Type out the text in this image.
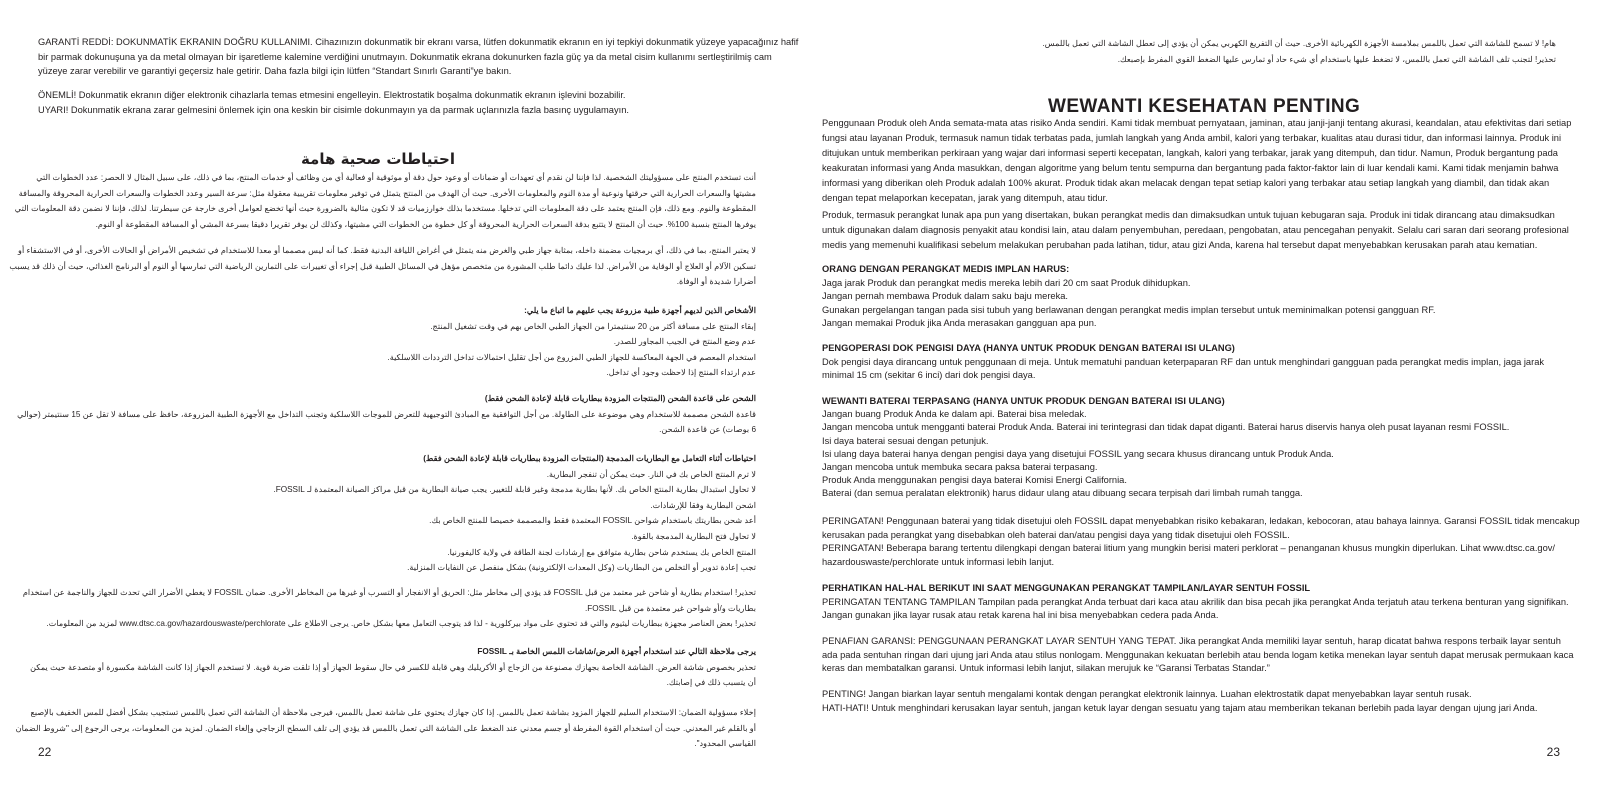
GARANTİ REDDİ: DOKUNMATİK EKRANIN DOĞRU KULLANIMI. Cihazınızın dokunmatik bir ekranı varsa, lütfen dokunmatik ekranın en iyi tepkiyi dokunmatik yüzeye yapacağınız hafif
bir parmak dokunuşuna ya da metal olmayan bir işaretleme kalemine verdiğini unutmayın. Dokunmatik ekrana dokunurken fazla güç ya da metal cisim kullanımı sertleştirilmiş cam
yüzeye zarar verebilir ve garantiyi geçersiz hale getirir. Daha fazla bilgi için lütfen “Standart Sınırlı Garanti”ye bakın.
ÖNEMLİ! Dokunmatik ekranın diğer elektronik cihazlarla temas etmesini engelleyin. Elektrostatik boşalma dokunmatik ekranın işlevini bozabilir.
UYARI! Dokunmatik ekrana zarar gelmesini önlemek için ona keskin bir cisimle dokunmayın ya da parmak uçlarınızla fazla basınç uygulamayın.
احتياطات صحية هامة
أنت تستخدم المنتج على مسؤوليتك الشخصية. لذا فإننا لن نقدم أي تعهدات أو ضمانات أو وعود حول دقة أو موثوقية أو فعالية أي من وظائف أو خدمات المنتج، بما في ذلك، على سبيل المثال لا الحصر: عدد الخطوات التي
مشيتها والسعرات الحرارية التي حرقتها ونوعية أو مدة النوم والمعلومات الأخرى. حيث أن الهدف من المنتج يتمثل في توفير معلومات تقريبية معقولة مثل: سرعة السير وعدد الخطوات والسعرات الحرارية المحروقة والمسافة
المقطوعة والنوم. ومع ذلك، فإن المنتج يعتمد على دقة المعلومات التي تدخلها. مستخدما بذلك خوارزميات قد لا تكون مثالية بالضرورة حيث أنها تخضع لعوامل أخرى خارجة عن سيطرتنا. لذلك، فإننا لا نضمن دقة المعلومات التي
يوفرها المنتج بنسبة 100%. حيث أن المنتج لا يتتبع بدقة السعرات الحرارية المحروقة أو كل خطوة من الخطوات التي مشيتها، وكذلك لن يوفر تقريرا دقيقا بسرعة المشي أو المسافة المقطوعة أو النوم.
لا يعتبر المنتج، بما في ذلك، أي برمجيات مضمنة داخله، بمثابة جهاز طبي والغرض منه يتمثل في أغراض اللياقة البدنية فقط. كما أنه ليس مصمما أو معدا للاستخدام في تشخيص الأمراض أو الحالات الأخرى، أو في الاستشفاء أو
تسكين الآلام أو العلاج أو الوقاية من الأمراض. لذا عليك دائما طلب المشورة من متخصص مؤهل في المسائل الطبية قبل إجراء أي تغييرات على التمارين الرياضية التي تمارسها أو النوم أو البرنامج الغذائي، حيث أن ذلك قد يسبب
أضرارا شديدة أو الوفاة.
الأشخاص الذين لديهم أجهزة طبية مزروعة يجب عليهم ما اتباع ما يلي:
إبقاء المنتج على مسافة أكثر من 20 سنتيمترا من الجهاز الطبي الخاص بهم في وقت تشغيل المنتج.
عدم وضع المنتج في الجيب المجاور للصدر.
استخدام المعصم في الجهة المعاكسة للجهاز الطبي المزروع من أجل تقليل احتمالات تداخل الترددات اللاسلكية.
عدم ارتداء المنتج إذا لاحظت وجود أي تداخل.
الشحن على قاعدة الشحن (المنتجات المزودة ببطاريات قابلة لإعادة الشحن فقط)
قاعدة الشحن مصممة للاستخدام وهي موضوعة على الطاولة. من أجل التوافقية مع المبادئ التوجيهية للتعرض للموجات اللاسلكية وتجنب التداخل مع الأجهزة الطبية المزروعة، حافظ على مسافة لا تقل عن 15 سنتيمتر (حوالي
6 بوصات) عن قاعدة الشحن.
احتياطات أثناء التعامل مع البطاريات المدمجة (المنتجات المزودة ببطاريات قابلة لإعادة الشحن فقط)
لا ترم المنتج الخاص بك في النار. حيث يمكن أن تنفجر البطارية.
لا تحاول استبدال بطارية المنتج الخاص بك. لأنها بطارية مدمجة وغير قابلة للتغيير. يجب صيانة البطارية من قبل مراكز الصيانة المعتمدة لـ FOSSIL.
اشحن البطارية وفقا للإرشادات.
أعد شحن بطاريتك باستخدام شواحن FOSSIL المعتمدة فقط والمصممة خصيصا للمنتج الخاص بك.
لا تحاول فتح البطارية المدمجة بالقوة.
المنتج الخاص بك يستخدم شاحن بطارية متوافق مع إرشادات لجنة الطاقة في ولاية كاليفورنيا.
تجب إعادة تدوير أو التخلص من البطاريات (وكل المعدات الإلكترونية) بشكل منفصل عن النفايات المنزلية.
تحذير! استخدام بطارية أو شاحن غير معتمد من قبل FOSSIL قد يؤدي إلى مخاطر مثل: الحريق أو الانفجار أو التسرب أو غيرها من المخاطر الأخرى. ضمان FOSSIL لا يغطي الأضرار التي تحدث للجهاز والناجمة عن استخدام
بطاريات و/أو شواحن غير معتمدة من قبل FOSSIL.
تحذير! بعض العناصر مجهزة ببطاريات ليثيوم والتي قد تحتوي على مواد بيركلورية - لذا قد يتوجب التعامل معها بشكل خاص. يرجى الاطلاع على www.dtsc.ca.gov/hazardouswaste/perchlorate لمزيد من المعلومات.
يرجى ملاحظة التالي عند استخدام أجهزة العرض/شاشات اللمس الخاصة بـ FOSSIL
تحذير بخصوص شاشة العرض. الشاشة الخاصة بجهازك مصنوعة من الزجاج أو الأكريليك وهي قابلة للكسر في حال سقوط الجهاز أو إذا تلقت ضربة قوية. لا تستخدم الجهاز إذا كانت الشاشة مكسورة أو متصدعة حيث يمكن
أن يتسبب ذلك في إصابتك.
إخلاء مسؤولية الضمان: الاستخدام السليم للجهاز المزود بشاشة تعمل باللمس. إذا كان جهازك يحتوي على شاشة تعمل باللمس، فيرجى ملاحظة أن الشاشة التي تعمل باللمس تستجيب بشكل أفضل للمس الخفيف بالإصبع
أو بالقلم غير المعدني. حيث أن استخدام القوة المفرطة أو جسم معدني عند الضغط على الشاشة التي تعمل باللمس قد يؤدي إلى تلف السطح الزجاجي وإلغاء الضمان. لمزيد من المعلومات، يرجى الرجوع إلى "شروط الضمان
القياسي المحدود".
22
هام! لا تسمح للشاشة التي تعمل باللمس بملامسة الأجهزة الكهربائية الأخرى. حيث أن التفريغ الكهربي يمكن أن يؤدي إلى تعطل الشاشة التي تعمل باللمس.
تحذير! لتجنب تلف الشاشة التي تعمل باللمس، لا تضغط عليها باستخدام أي شيء حاد أو تمارس عليها الضغط القوي المفرط بإصبعك.
WEWANTI KESEHATAN PENTING
Penggunaan Produk oleh Anda semata-mata atas risiko Anda sendiri. Kami tidak membuat pernyataan, jaminan, atau janji-janji tentang akurasi, keandalan, atau efektivitas dari setiap
fungsi atau layanan Produk, termasuk namun tidak terbatas pada, jumlah langkah yang Anda ambil, kalori yang terbakar, kualitas atau durasi tidur, dan informasi lainnya. Produk ini
ditujukan untuk memberikan perkiraan yang wajar dari informasi seperti kecepatan, langkah, kalori yang terbakar, jarak yang ditempuh, dan tidur. Namun, Produk bergantung pada
keakuratan informasi yang Anda masukkan, dengan algoritme yang belum tentu sempurna dan bergantung pada faktor-faktor lain di luar kendali kami. Kami tidak menjamin bahwa
informasi yang diberikan oleh Produk adalah 100% akurat. Produk tidak akan melacak dengan tepat setiap kalori yang terbakar atau setiap langkah yang diambil, dan tidak akan
dengan tepat melaporkan kecepatan, jarak yang ditempuh, atau tidur.
Produk, termasuk perangkat lunak apa pun yang disertakan, bukan perangkat medis dan dimaksudkan untuk tujuan kebugaran saja. Produk ini tidak dirancang atau dimaksudkan
untuk digunakan dalam diagnosis penyakit atau kondisi lain, atau dalam penyembuhan, peredaan, pengobatan, atau pencegahan penyakit. Selalu cari saran dari seorang profesional
medis yang memenuhi kualifikasi sebelum melakukan perubahan pada latihan, tidur, atau gizi Anda, karena hal tersebut dapat menyebabkan kerusakan parah atau kematian.
ORANG DENGAN PERANGKAT MEDIS IMPLAN HARUS:
Jaga jarak Produk dan perangkat medis mereka lebih dari 20 cm saat Produk dihidupkan.
Jangan pernah membawa Produk dalam saku baju mereka.
Gunakan pergelangan tangan pada sisi tubuh yang berlawanan dengan perangkat medis implan tersebut untuk meminimalkan potensi gangguan RF.
Jangan memakai Produk jika Anda merasakan gangguan apa pun.
PENGOPERASI DOK PENGISI DAYA (HANYA UNTUK PRODUK DENGAN BATERAI ISI ULANG)
Dok pengisi daya dirancang untuk penggunaan di meja. Untuk mematuhi panduan keterpaparan RF dan untuk menghindari gangguan pada perangkat medis implan, jaga jarak
minimal 15 cm (sekitar 6 inci) dari dok pengisi daya.
WEWANTI BATERAI TERPASANG (HANYA UNTUK PRODUK DENGAN BATERAI ISI ULANG)
Jangan buang Produk Anda ke dalam api. Baterai bisa meledak.
Jangan mencoba untuk mengganti baterai Produk Anda. Baterai ini terintegrasi dan tidak dapat diganti. Baterai harus diservis hanya oleh pusat layanan resmi FOSSIL.
Isi daya baterai sesuai dengan petunjuk.
Isi ulang daya baterai hanya dengan pengisi daya yang disetujui FOSSIL yang secara khusus dirancang untuk Produk Anda.
Jangan mencoba untuk membuka secara paksa baterai terpasang.
Produk Anda menggunakan pengisi daya baterai Komisi Energi California.
Baterai (dan semua peralatan elektronik) harus didaur ulang atau dibuang secara terpisah dari limbah rumah tangga.
PERINGATAN! Penggunaan baterai yang tidak disetujui oleh FOSSIL dapat menyebabkan risiko kebakaran, ledakan, kebocoran, atau bahaya lainnya. Garansi FOSSIL tidak mencakup
kerusakan pada perangkat yang disebabkan oleh baterai dan/atau pengisi daya yang tidak disetujui oleh FOSSIL.
PERINGATAN! Beberapa barang tertentu dilengkapi dengan baterai litium yang mungkin berisi materi perklorat – penanganan khusus mungkin diperlukan. Lihat www.dtsc.ca.gov/
hazardouswaste/perchlorate untuk informasi lebih lanjut.
PERHATIKAN HAL-HAL BERIKUT INI SAAT MENGGUNAKAN PERANGKAT TAMPILAN/LAYAR SENTUH FOSSIL
PERINGATAN TENTANG TAMPILAN Tampilan pada perangkat Anda terbuat dari kaca atau akrilik dan bisa pecah jika perangkat Anda terjatuh atau terkena benturan yang signifikan.
Jangan gunakan jika layar rusak atau retak karena hal ini bisa menyebabkan cedera pada Anda.
PENAFIAN GARANSI: PENGGUNAAN PERANGKAT LAYAR SENTUH YANG TEPAT. Jika perangkat Anda memiliki layar sentuh, harap dicatat bahwa respons terbaik layar sentuh
ada pada sentuhan ringan dari ujung jari Anda atau stilus nonlogam. Menggunakan kekuatan berlebih atau benda logam ketika menekan layar sentuh dapat merusak permukaan kaca
keras dan membatalkan garansi. Untuk informasi lebih lanjut, silakan merujuk ke “Garansi Terbatas Standar.”
PENTING! Jangan biarkan layar sentuh mengalami kontak dengan perangkat elektronik lainnya. Luahan elektrostatik dapat menyebabkan layar sentuh rusak.
HATI-HATI! Untuk menghindari kerusakan layar sentuh, jangan ketuk layar dengan sesuatu yang tajam atau memberikan tekanan berlebih pada layar dengan ujung jari Anda.
23
